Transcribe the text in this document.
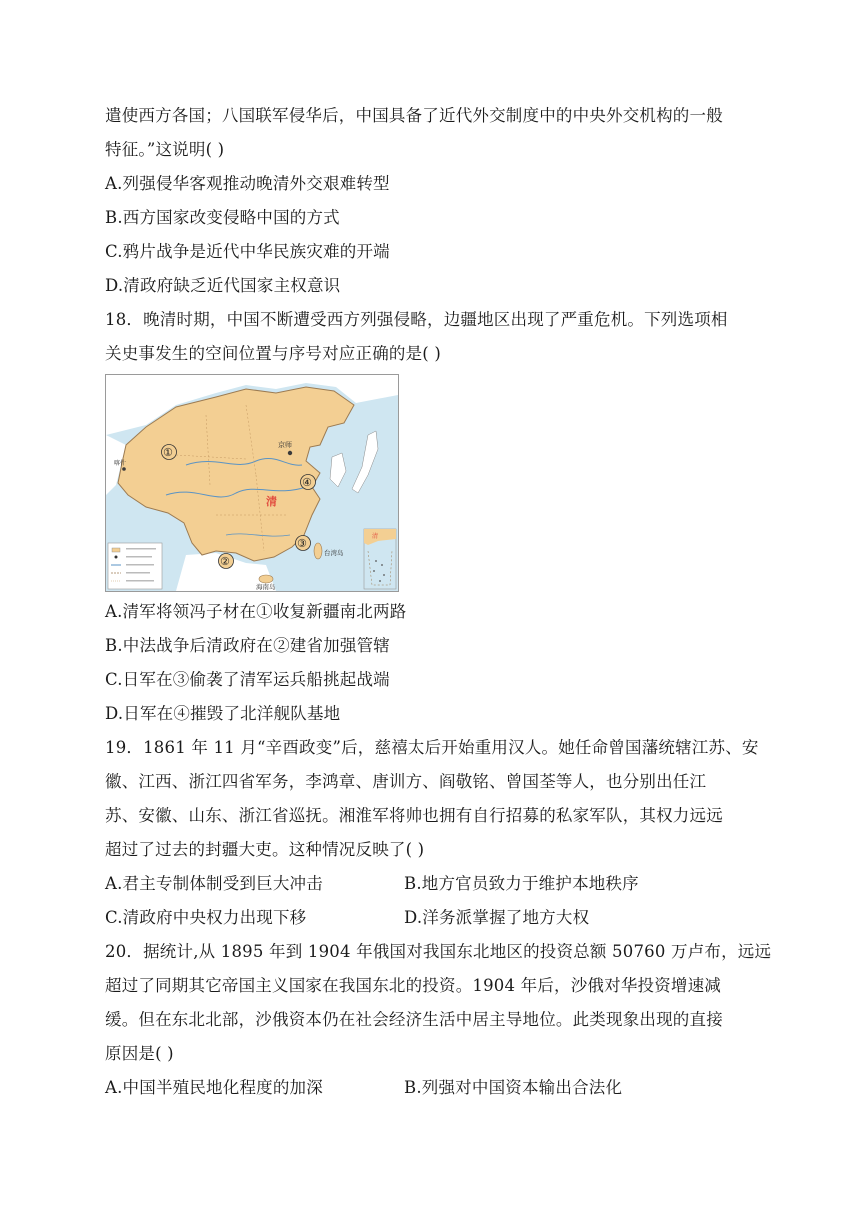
遣使西方各国；八国联军侵华后，中国具备了近代外交制度中的中央外交机构的一般
特征。”这说明( )
A.列强侵华客观推动晚清外交艰难转型
B.西方国家改变侵略中国的方式
C.鸦片战争是近代中华民族灾难的开端
D.清政府缺乏近代国家主权意识
18．晚清时期，中国不断遭受西方列强侵略，边疆地区出现了严重危机。下列选项相
关史事发生的空间位置与序号对应正确的是( )
京师
喀什
清
台湾岛
海南岛
①
②
③
④
清
A.清军将领冯子材在①收复新疆南北两路
B.中法战争后清政府在②建省加强管辖
C.日军在③偷袭了清军运兵船挑起战端
D.日军在④摧毁了北洋舰队基地
19．1861 年 11 月“辛酉政变”后，慈禧太后开始重用汉人。她任命曾国藩统辖江苏、安
徽、江西、浙江四省军务，李鸿章、唐训方、阎敬铭、曾国荃等人，也分别出任江
苏、安徽、山东、浙江省巡抚。湘淮军将帅也拥有自行招募的私家军队，其权力远远
超过了过去的封疆大吏。这种情况反映了( )
A.君主专制体制受到巨大冲击	B.地方官员致力于维护本地秩序
C.清政府中央权力出现下移	D.洋务派掌握了地方大权
20．据统计,从 1895 年到 1904 年俄国对我国东北地区的投资总额 50760 万卢布，远远
超过了同期其它帝国主义国家在我国东北的投资。1904 年后，沙俄对华投资增速减
缓。但在东北北部，沙俄资本仍在社会经济生活中居主导地位。此类现象出现的直接
原因是( )
A.中国半殖民地化程度的加深	B.列强对中国资本输出合法化
